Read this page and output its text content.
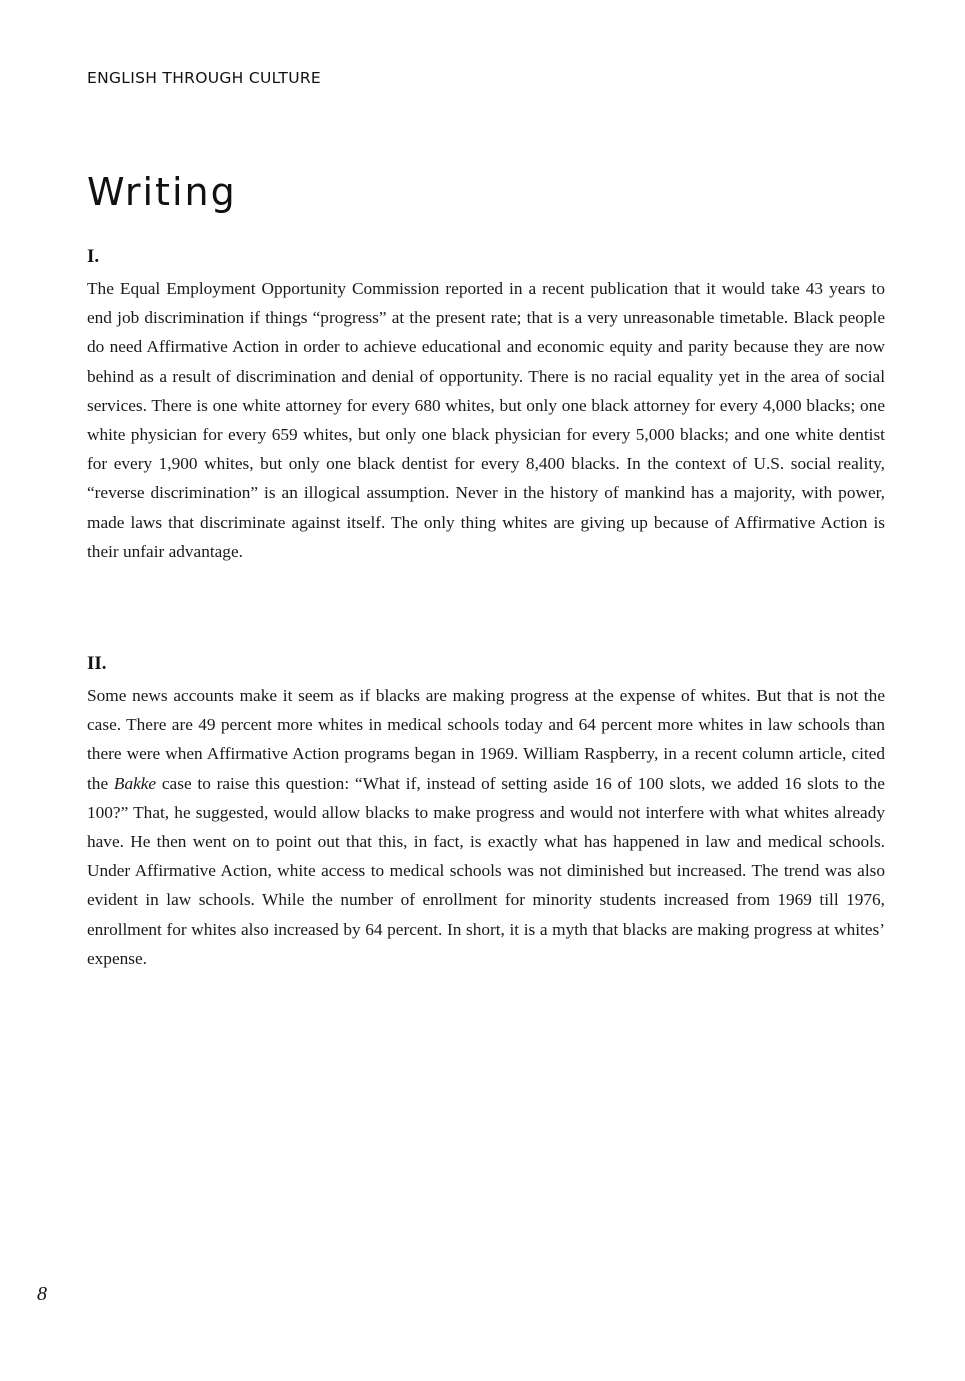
ENGLISH THROUGH CULTURE
Writing
I.

The Equal Employment Opportunity Commission reported in a recent publication that it would take 43 years to end job discrimination if things “progress” at the present rate; that is a very unreasonable timetable. Black people do need Affirmative Action in order to achieve educational and economic equity and parity because they are now behind as a result of discrimination and denial of opportunity. There is no racial equality yet in the area of social services. There is one white attorney for every 680 whites, but only one black attorney for every 4,000 blacks; one white physician for every 659 whites, but only one black physician for every 5,000 blacks; and one white dentist for every 1,900 whites, but only one black dentist for every 8,400 blacks. In the context of U.S. social reality, “reverse discrimination” is an illogical assumption. Never in the history of mankind has a majority, with power, made laws that discriminate against itself. The only thing whites are giving up because of Affirmative Action is their unfair advantage.

II.

Some news accounts make it seem as if blacks are making progress at the expense of whites. But that is not the case. There are 49 percent more whites in medical schools today and 64 percent more whites in law schools than there were when Affirmative Action programs began in 1969. William Raspberry, in a recent column article, cited the Bakke case to raise this question: “What if, instead of setting aside 16 of 100 slots, we added 16 slots to the 100?” That, he suggested, would allow blacks to make progress and would not interfere with what whites already have. He then went on to point out that this, in fact, is exactly what has happened in law and medical schools. Under Affirmative Action, white access to medical schools was not diminished but increased. The trend was also evident in law schools. While the number of enrollment for minority students increased from 1969 till 1976, enrollment for whites also increased by 64 percent. In short, it is a myth that blacks are making progress at whites’ expense.

8
